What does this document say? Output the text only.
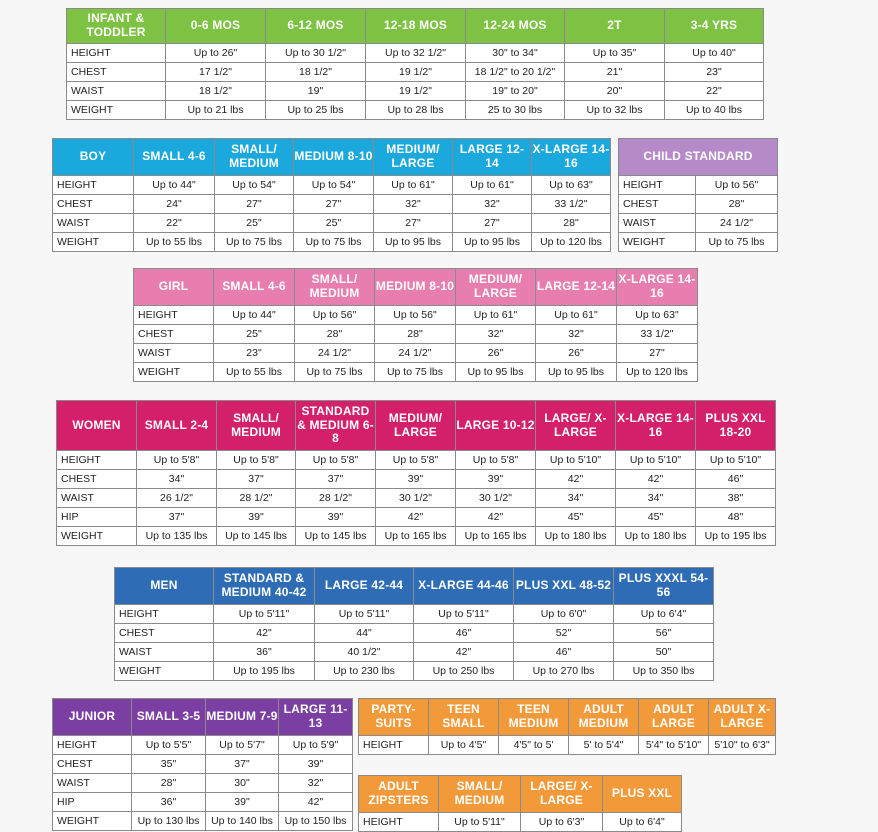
INFANT & TODDLER	0-6 MOS	6-12 MOS	12-18 MOS	12-24 MOS	2T	3-4 YRS
HEIGHT	Up to 26"	Up to 30 1/2"	Up to 32 1/2"	30" to 34"	Up to 35"	Up to 40"
CHEST	17 1/2"	18 1/2"	19 1/2"	18 1/2" to 20 1/2"	21"	23"
WAIST	18 1/2"	19"	19 1/2"	19" to 20"	20"	22"
WEIGHT	Up to 21 lbs	Up to 25 lbs	Up to 28 lbs	25 to 30 lbs	Up to 32 lbs	Up to 40 lbs
BOY	SMALL 4-6	SMALL/ MEDIUM	MEDIUM 8-10	MEDIUM/ LARGE	LARGE 12-14	X-LARGE 14-16
HEIGHT	Up to 44"	Up to 54"	Up to 54"	Up to 61"	Up to 61"	Up to 63"
CHEST	24"	27"	27"	32"	32"	33 1/2"
WAIST	22"	25"	25"	27"	27"	28"
WEIGHT	Up to 55 lbs	Up to 75 lbs	Up to 75 lbs	Up to 95 lbs	Up to 95 lbs	Up to 120 lbs
CHILD STANDARD	
HEIGHT	Up to 56"
CHEST	28"
WAIST	24 1/2"
WEIGHT	Up to 75 lbs
GIRL	SMALL 4-6	SMALL/ MEDIUM	MEDIUM 8-10	MEDIUM/ LARGE	LARGE 12-14	X-LARGE 14-16
HEIGHT	Up to 44"	Up to 56"	Up to 56"	Up to 61"	Up to 61"	Up to 63"
CHEST	25"	28"	28"	32"	32"	33 1/2"
WAIST	23"	24 1/2"	24 1/2"	26"	26"	27"
WEIGHT	Up to 55 lbs	Up to 75 lbs	Up to 75 lbs	Up to 95 lbs	Up to 95 lbs	Up to 120 lbs
WOMEN	SMALL 2-4	SMALL/ MEDIUM	STANDARD & MEDIUM 6-8	MEDIUM/ LARGE	LARGE 10-12	LARGE/ X-LARGE	X-LARGE 14-16	PLUS XXL 18-20
HEIGHT	Up to 5'8"	Up to 5'8"	Up to 5'8"	Up to 5'8"	Up to 5'8"	Up to 5'10"	Up to 5'10"	Up to 5'10"
CHEST	34"	37"	37"	39"	39"	42"	42"	46"
WAIST	26 1/2"	28 1/2"	28 1/2"	30 1/2"	30 1/2"	34"	34"	38"
HIP	37"	39"	39"	42"	42"	45"	45"	48"
WEIGHT	Up to 135 lbs	Up to 145 lbs	Up to 145 lbs	Up to 165 lbs	Up to 165 lbs	Up to 180 lbs	Up to 180 lbs	Up to 195 lbs
MEN	STANDARD & MEDIUM 40-42	LARGE 42-44	X-LARGE 44-46	PLUS XXL 48-52	PLUS XXXL 54-56
HEIGHT	Up to 5'11"	Up to 5'11"	Up to 5'11"	Up to 6'0"	Up to 6'4"
CHEST	42"	44"	46"	52"	56"
WAIST	36"	40 1/2"	42"	46"	50"
WEIGHT	Up to 195 lbs	Up to 230 lbs	Up to 250 lbs	Up to 270 lbs	Up to 350 lbs
JUNIOR	SMALL 3-5	MEDIUM 7-9	LARGE 11-13
HEIGHT	Up to 5'5"	Up to 5'7"	Up to 5'9"
CHEST	35"	37"	39"
WAIST	28"	30"	32"
HIP	36"	39"	42"
WEIGHT	Up to 130 lbs	Up to 140 lbs	Up to 150 lbs
PARTY-SUITS	TEEN SMALL	TEEN MEDIUM	ADULT MEDIUM	ADULT LARGE	ADULT X-LARGE
HEIGHT	Up to 4'5"	4'5" to 5'	5' to 5'4"	5'4" to 5'10"	5'10" to 6'3"
ADULT ZIPSTERS	SMALL/ MEDIUM	LARGE/ X-LARGE	PLUS XXL
HEIGHT	Up to 5'11"	Up to 6'3"	Up to 6'4"
